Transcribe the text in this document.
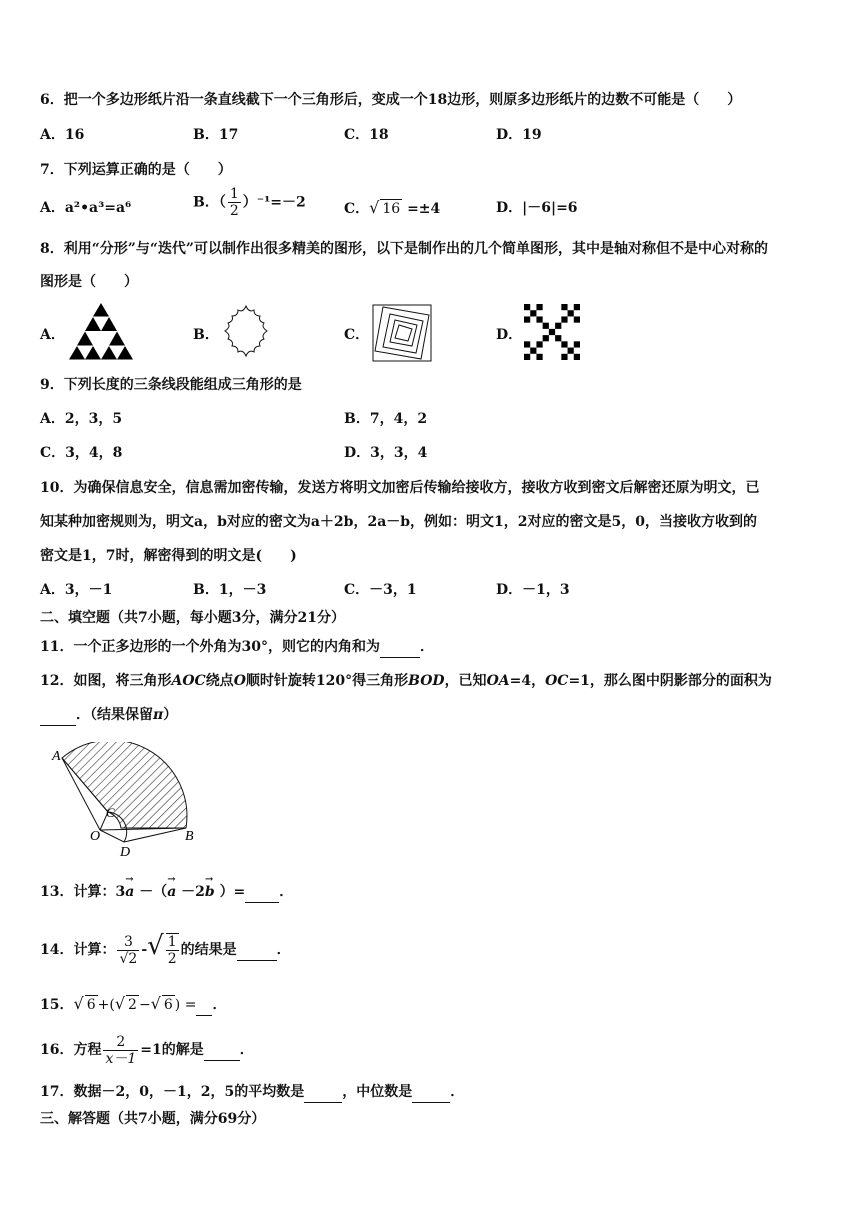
6．把一个多边形纸片沿一条直线截下一个三角形后，变成一个18边形，则原多边形纸片的边数不可能是（　　）
A．16	B．17	C．18	D．19
7．下列运算正确的是（　　）
A．a²•a³=a⁶	B．（ $\frac{1}{2} )^{-1}=-2$	C．√ 16 =±4	D．|－6|=6
8．利用“分形”与“迭代”可以制作出很多精美的图形，以下是制作出的几个简单图形，其中是轴对称但不是中心对称的
图形是（　　）
A．	B．	C．	D．
9．下列长度的三条线段能组成三角形的是
A．2，3，5	B．7，4，2
C．3，4，8	D．3，3，4
10．为确保信息安全，信息需加密传输，发送方将明文加密后传输给接收方，接收方收到密文后解密还原为明文，已
知某种加密规则为，明文a，b对应的密文为a＋2b，2a－b，例如：明文1，2对应的密文是5，0，当接收方收到的
密文是1，7时，解密得到的明文是(　　)
A．3，－1	B．1，－3	C．－3，1	D．－1，3
二、填空题（共7小题，每小题3分，满分21分）
11．一个正多边形的一个外角为30°，则它的内角和为	．
12．如图，将三角形AOC绕点O顺时针旋转120°得三角形BOD，已知OA=4，OC=1，那么图中阴影部分的面积为
．（结果保留π）
A
C
O
D
B
13．计算：3→ a －（→ a －2→ b ）= ．
14．计算： $\frac{3}{√2}$ -√ $\frac{1}{2}$ 的结果是	．
15．√ 6 +(√ 2 −√ 6 ) = ．
16．方程 $\frac{2}{x-1} =1$的解是	．
17．数据－2，0，－1，2，5的平均数是	，中位数是	．
三、解答题（共7小题，满分69分）
